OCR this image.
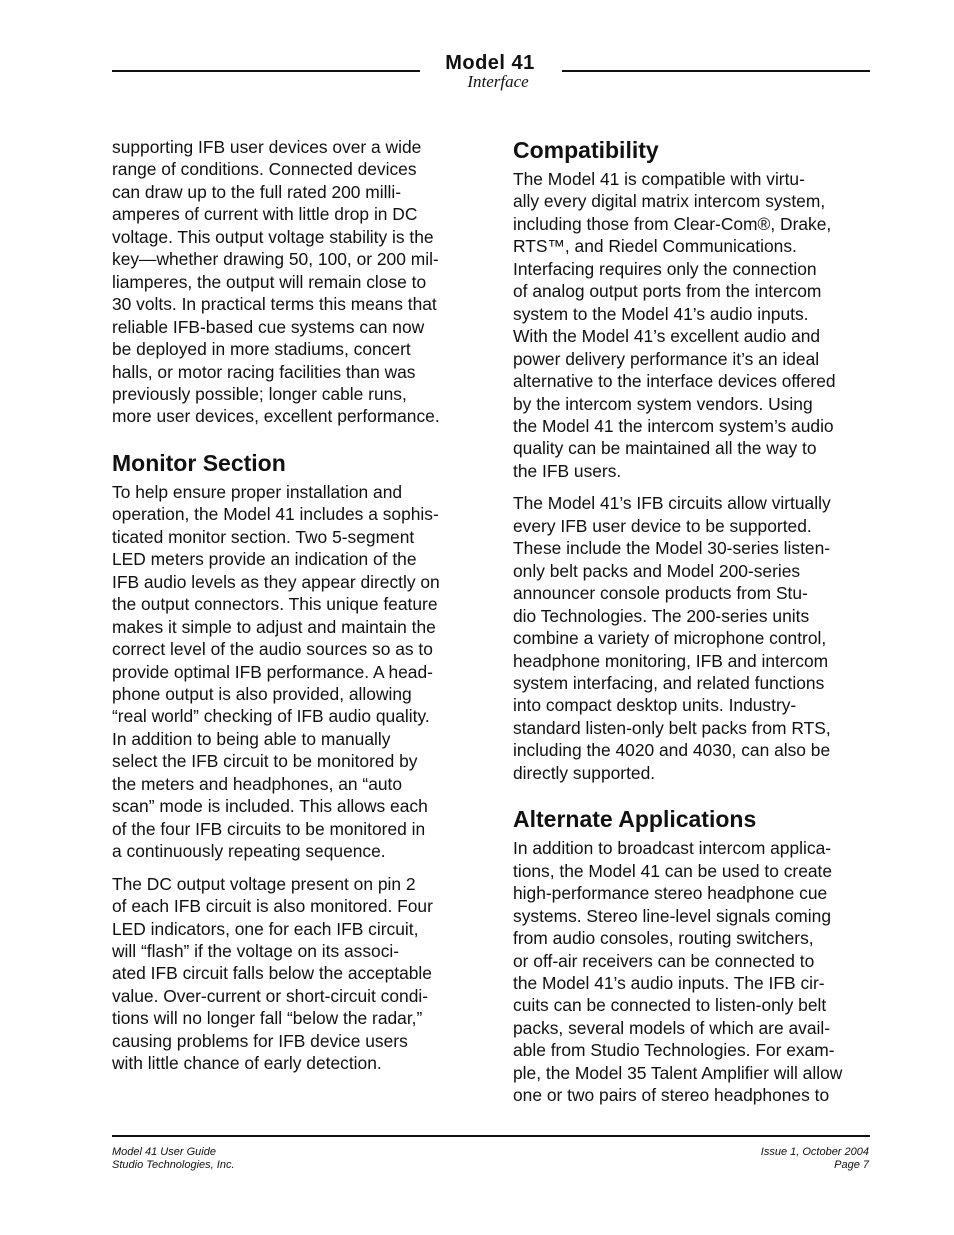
Model 41
Interface

supporting IFB user devices over a wide
range of conditions. Connected devices
can draw up to the full rated 200 milli-
amperes of current with little drop in DC
voltage. This output voltage stability is the
key—whether drawing 50, 100, or 200 mil-
liamperes, the output will remain close to
30 volts. In practical terms this means that
reliable IFB-based cue systems can now
be deployed in more stadiums, concert
halls, or motor racing facilities than was
previously possible; longer cable runs,
more user devices, excellent performance.

Monitor Section

To help ensure proper installation and
operation, the Model 41 includes a sophis-
ticated monitor section. Two 5-segment
LED meters provide an indication of the
IFB audio levels as they appear directly on
the output connectors. This unique feature
makes it simple to adjust and maintain the
correct level of the audio sources so as to
provide optimal IFB performance. A head-
phone output is also provided, allowing
“real world” checking of IFB audio quality.
In addition to being able to manually
select the IFB circuit to be monitored by
the meters and headphones, an “auto
scan” mode is included. This allows each
of the four IFB circuits to be monitored in
a continuously repeating sequence.

The DC output voltage present on pin 2
of each IFB circuit is also monitored. Four
LED indicators, one for each IFB circuit,
will “flash” if the voltage on its associ-
ated IFB circuit falls below the acceptable
value. Over-current or short-circuit condi-
tions will no longer fall “below the radar,”
causing problems for IFB device users
with little chance of early detection.

Compatibility

The Model 41 is compatible with virtu-
ally every digital matrix intercom system,
including those from Clear-Com®, Drake,
RTS™, and Riedel Communications.
Interfacing requires only the connection
of analog output ports from the intercom
system to the Model 41’s audio inputs.
With the Model 41’s excellent audio and
power delivery performance it’s an ideal
alternative to the interface devices offered
by the intercom system vendors. Using
the Model 41 the intercom system’s audio
quality can be maintained all the way to
the IFB users.

The Model 41’s IFB circuits allow virtually
every IFB user device to be supported.
These include the Model 30-series listen-
only belt packs and Model 200-series
announcer console products from Stu-
dio Technologies. The 200-series units
combine a variety of microphone control,
headphone monitoring, IFB and intercom
system interfacing, and related functions
into compact desktop units. Industry-
standard listen-only belt packs from RTS,
including the 4020 and 4030, can also be
directly supported.

Alternate Applications

In addition to broadcast intercom applica-
tions, the Model 41 can be used to create
high-performance stereo headphone cue
systems. Stereo line-level signals coming
from audio consoles, routing switchers,
or off-air receivers can be connected to
the Model 41’s audio inputs. The IFB cir-
cuits can be connected to listen-only belt
packs, several models of which are avail-
able from Studio Technologies. For exam-
ple, the Model 35 Talent Amplifier will allow
one or two pairs of stereo headphones to

Model 41 User Guide
Studio Technologies, Inc.
Issue 1, October 2004
Page 7
